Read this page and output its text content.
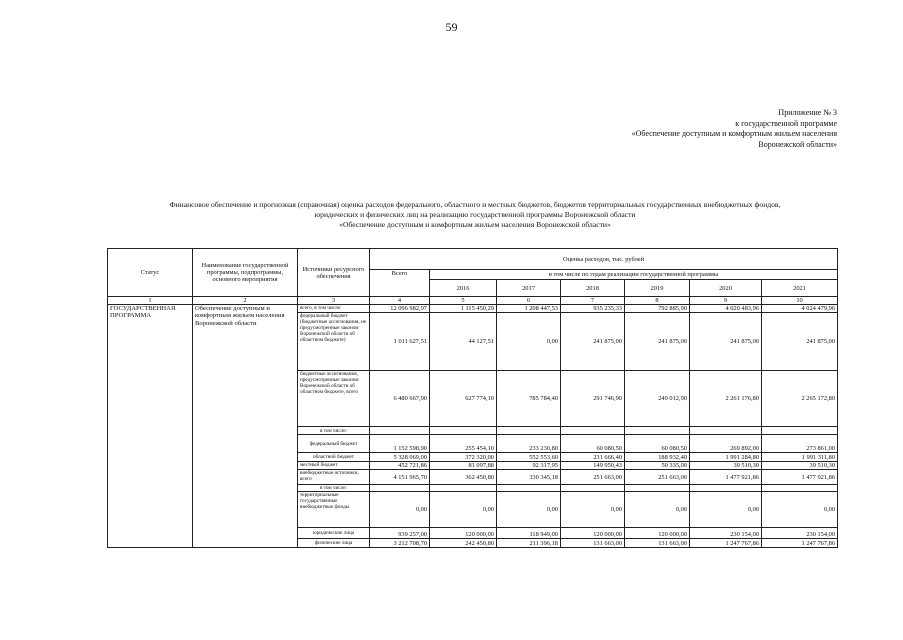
59
Приложение № 3
к государственной программе
«Обеспечение доступным и комфортным жильем населения
Воронежской области»
Финансовое обеспечение и прогнозная (справочная) оценка расходов федерального, областного и местных бюджетов, бюджетов территориальных государственных внебюджетных фондов,
юридических и физических лиц на реализацию государственной программы Воронежской области
«Обеспечение доступным и комфортным жильем населения Воронежской области»
Статус	Наименование государственной программы, подпрограммы, основного мероприятия	Источники ресурсного обеспечения	Оценка расходов, тыс. рублей						
			Всего	в том числе по годам реализации государственной программы					
				2016	2017	2018	2019	2020	2021
1	2	3	4	5	6	7	8	9	10
ГОСУДАРСТВЕННАЯ ПРОГРАММА	Обеспечение доступным и комфортным жильем населения Воронежской области	всего, в том числе:	12 096 982,97	1 115 450,29	1 208 447,53	935 235,33	792 885,90	4 020 483,96	4 024 479,96
		федеральный бюджет (бюджетные ассигнования, не предусмотренные законом Воронежской области об областном бюджете)	1 011 627,51	44 127,51	0,00	241 875,00	241 875,00	241 875,00	241 875,00
		бюджетные ассигнования, предусмотренные законом Воронежской области об областном бюджете, всего	6 480 667,90	627 774,10	785 784,40	291 746,90	249 012,90	2 261 176,80	2 265 172,80
		в том числе:							
		федеральный бюджет	1 152 598,90	255 454,10	233 230,80	60 080,50	60 080,50	269 892,00	273 861,00
		областной бюджет	5 328 069,00	372 320,00	552 553,60	231 666,40	188 932,40	1 991 284,80	1 991 311,80
		местный бюджет	452 721,86	81 097,88	92 317,95	149 950,43	50 335,00	39 510,30	39 510,30
		внебюджетные источники, всего	4 151 965,70	362 450,80	330 345,18	251 663,00	251 663,00	1 477 921,86	1 477 921,86
		в том числе:							
		территориальные государственные внебюджетные фонды	0,00	0,00	0,00	0,00	0,00	0,00	0,00
		юридические лица	939 257,00	120 000,00	118 949,00	120 000,00	120 000,00	230 154,00	230 154,00
		физические лица	3 212 708,70	242 450,80	211 396,18	131 663,00	131 663,00	1 247 767,86	1 247 767,86
